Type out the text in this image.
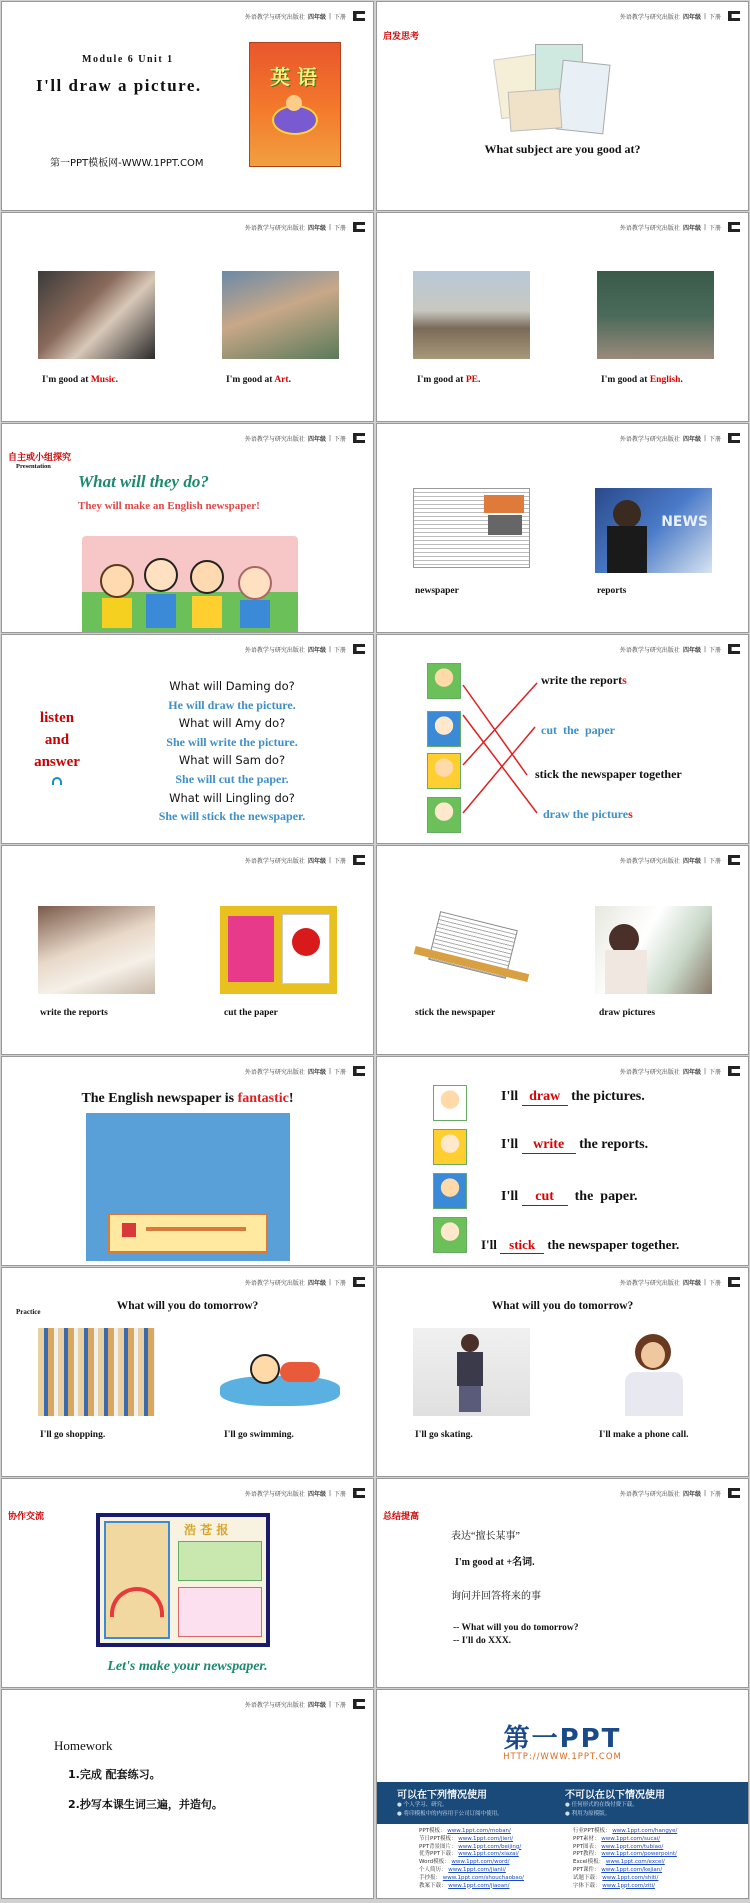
外语教学与研究出版社 四年级 | 下册
Module 6 Unit 1
I'll draw a picture.
第一PPT模板网-WWW.1PPT.COM
英 语
外语教学与研究出版社 四年级 | 下册
启发思考
What subject are you good at?
外语教学与研究出版社 四年级 | 下册
I'm good at Music.	I'm good at Art.
外语教学与研究出版社 四年级 | 下册
I'm good at PE.	I'm good at English.
外语教学与研究出版社 四年级 | 下册
自主或小组探究
Presentation
What will they do?
They will make an English newspaper!
外语教学与研究出版社 四年级 | 下册
NEWS
newspaper	reports
外语教学与研究出版社 四年级 | 下册
listen
and
answer
What will Daming do?
He will draw the picture.
What will Amy do?
She will write the picture.
What will Sam do?
She will cut the paper.
What will Lingling do?
She will stick the newspaper.
外语教学与研究出版社 四年级 | 下册
write the reports
cut  the  paper
stick the newspaper together
draw the pictures
外语教学与研究出版社 四年级 | 下册
write the reports	cut the paper
外语教学与研究出版社 四年级 | 下册
stick the newspaper	draw pictures
外语教学与研究出版社 四年级 | 下册
The English newspaper is fantastic!
外语教学与研究出版社 四年级 | 下册
I'll draw the pictures.
I'll write the reports.
I'll cut  the  paper.
I'll stick the newspaper together.
外语教学与研究出版社 四年级 | 下册
Practice	What will you do tomorrow?
I'll go shopping.	I'll go swimming.
外语教学与研究出版社 四年级 | 下册
What will you do tomorrow?
I'll go skating.	I'll make a phone call.
外语教学与研究出版社 四年级 | 下册
协作交流
浩 苍 报
Let's make your newspaper.
外语教学与研究出版社 四年级 | 下册
总结提高
表达“擅长某事”
I'm good at +名词.
询问并回答将来的事
-- What will you do tomorrow?
-- I'll do XXX.
外语教学与研究出版社 四年级 | 下册
Homework
1.完成 配套练习。
2.抄写本课生词三遍，并造句。
第一PPT
HTTP://WWW.1PPT.COM
可以在下列情况使用
● 个人学习、研究。
● 将印模板中的内容用于公司订阅中使用。
不可以在以下情况使用
● 任何形式的在线付费下载。
● 利用为原模版。
PPT模板： www.1ppt.com/moban/
节日PPT模板： www.1ppt.com/jieri/
PPT背景图片： www.1ppt.com/beijing/
优秀PPT下载： www.1ppt.com/xiazai/
Word模板： www.1ppt.com/word/
个人简历： www.1ppt.com/jianli/
手抄报： www.1ppt.com/shouchaobao/
教案下载： www.1ppt.com/jiaoan/
行业PPT模板： www.1ppt.com/hangye/
PPT素材： www.1ppt.com/sucai/
PPT图表： www.1ppt.com/tubiao/
PPT教程： www.1ppt.com/powerpoint/
Excel模板： www.1ppt.com/excel/
PPT课件： www.1ppt.com/kejian/
试题下载： www.1ppt.com/shiti/
字体下载： www.1ppt.com/ziti/
